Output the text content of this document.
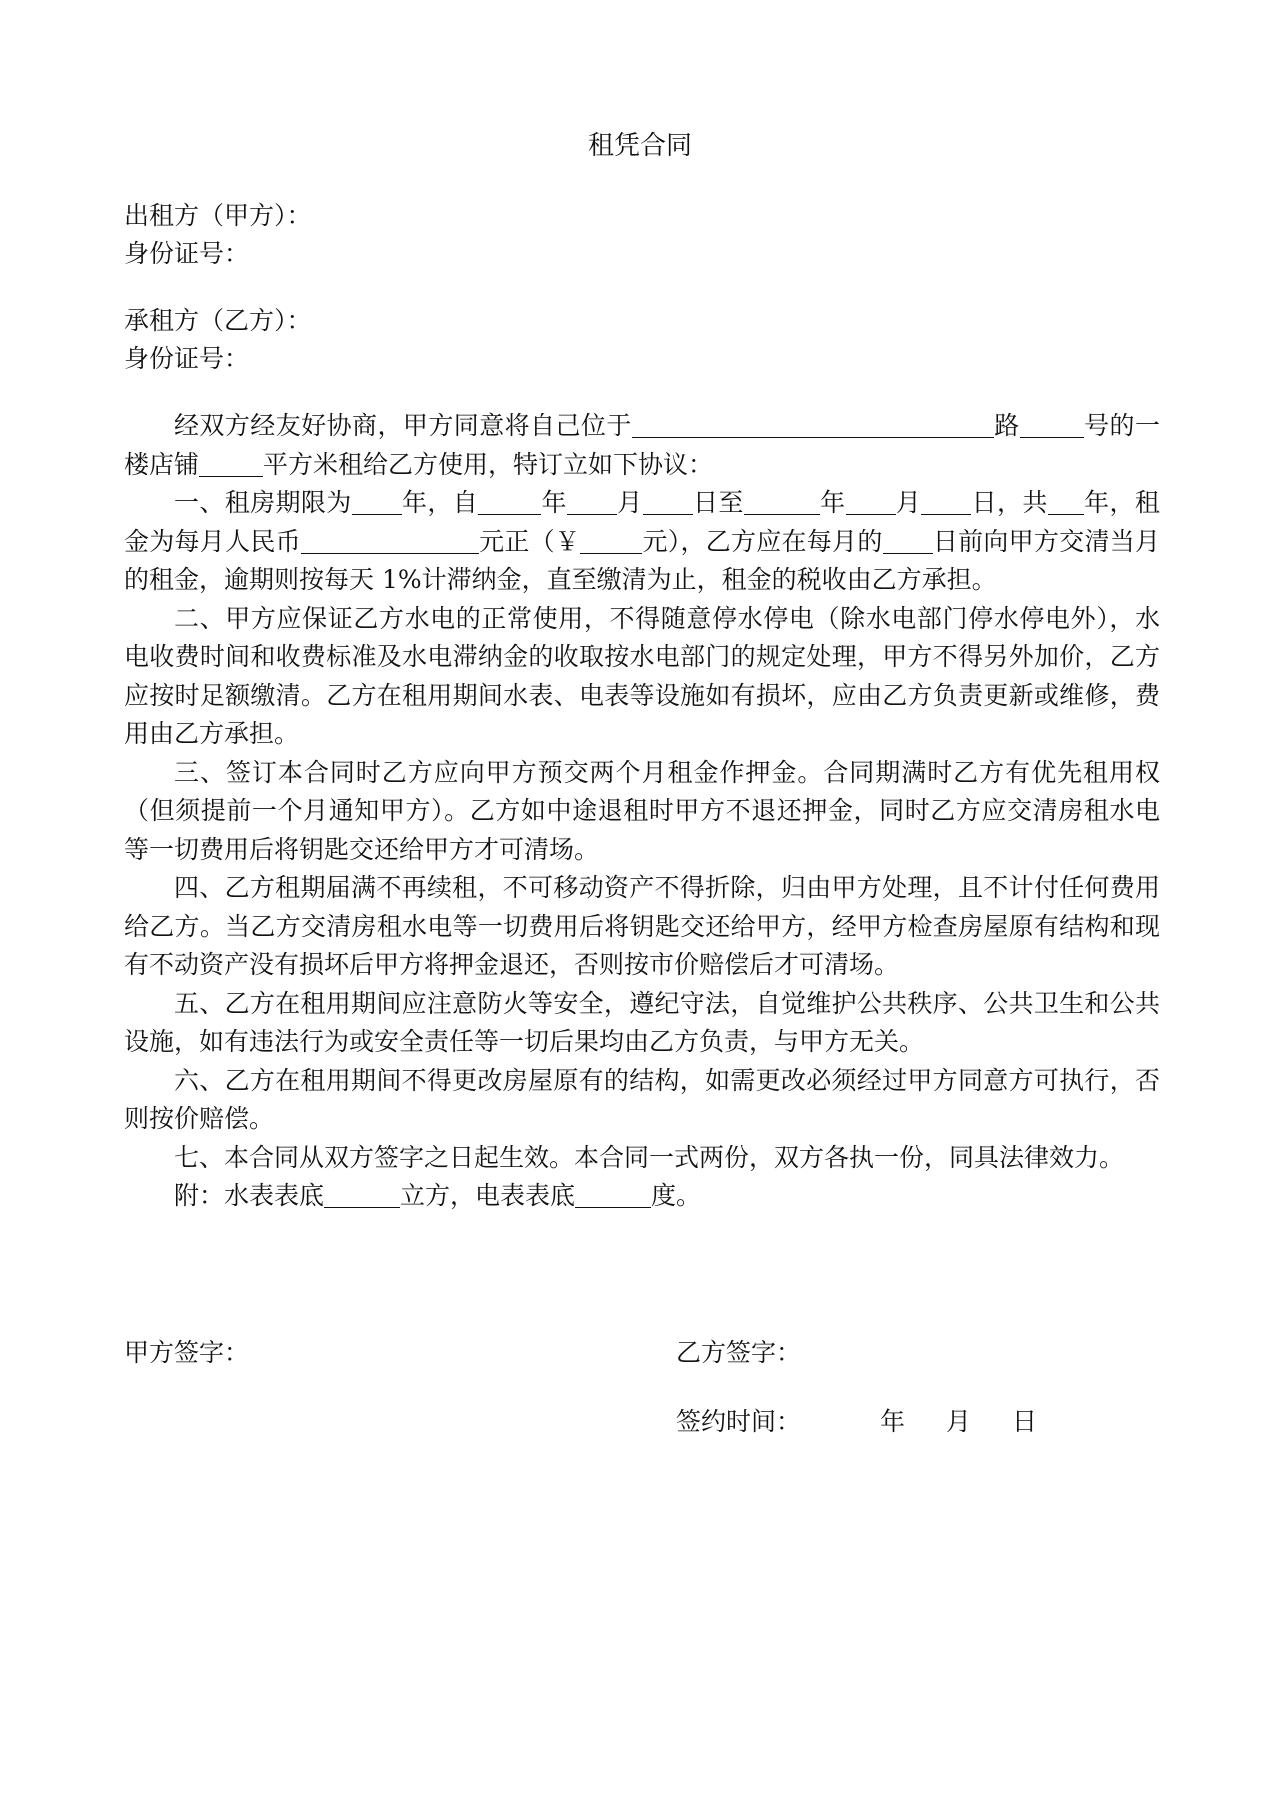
租凭合同
出租方（甲方）：
身份证号：
承租方（乙方）：
身份证号：

经双方经友好协商，甲方同意将自己位于	路	号的一楼店铺	平方米租给乙方使用，特订立如下协议：

一、租房期限为 年，自	年 月 日至	年 月 日，共 年，租金为每月人民币	元正（￥ 元），乙方应在每月的 日前向甲方交清当月的租金，逾期则按每天 1%计滞纳金，直至缴清为止，租金的税收由乙方承担。

二、甲方应保证乙方水电的正常使用，不得随意停水停电（除水电部门停水停电外），水电收费时间和收费标准及水电滞纳金的收取按水电部门的规定处理，甲方不得另外加价，乙方应按时足额缴清。乙方在租用期间水表、电表等设施如有损坏，应由乙方负责更新或维修，费用由乙方承担。

三、签订本合同时乙方应向甲方预交两个月租金作押金。合同期满时乙方有优先租用权（但须提前一个月通知甲方）。乙方如中途退租时甲方不退还押金，同时乙方应交清房租水电等一切费用后将钥匙交还给甲方才可清场。

四、乙方租期届满不再续租，不可移动资产不得折除，归由甲方处理，且不计付任何费用给乙方。当乙方交清房租水电等一切费用后将钥匙交还给甲方，经甲方检查房屋原有结构和现有不动资产没有损坏后甲方将押金退还，否则按市价赔偿后才可清场。

五、乙方在租用期间应注意防火等安全，遵纪守法，自觉维护公共秩序、公共卫生和公共设施，如有违法行为或安全责任等一切后果均由乙方负责，与甲方无关。

六、乙方在租用期间不得更改房屋原有的结构，如需更改必须经过甲方同意方可执行，否则按价赔偿。

七、本合同从双方签字之日起生效。本合同一式两份，双方各执一份，同具法律效力。

附：水表表底	立方，电表表底	度。

甲方签字：	乙方签字：
签约时间：	年 月 日
